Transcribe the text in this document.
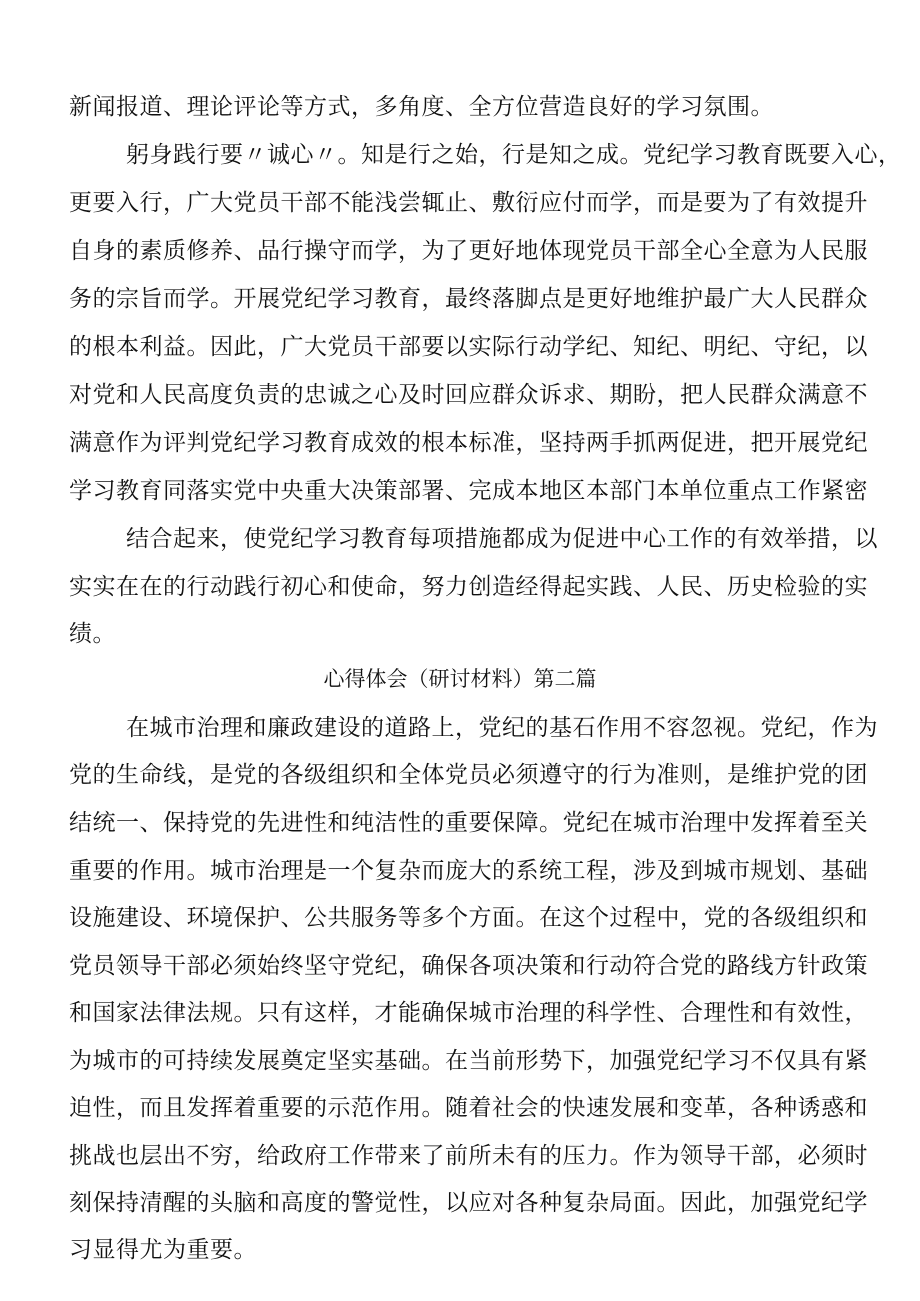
新闻报道、理论评论等方式，多角度、全方位营造良好的学习氛围。
躬身践行要〃诚心〃。知是行之始，行是知之成。党纪学习教育既要入心，
更要入行，广大党员干部不能浅尝辄止、敷衍应付而学，而是要为了有效提升
自身的素质修养、品行操守而学，为了更好地体现党员干部全心全意为人民服
务的宗旨而学。开展党纪学习教育，最终落脚点是更好地维护最广大人民群众
的根本利益。因此，广大党员干部要以实际行动学纪、知纪、明纪、守纪，以
对党和人民高度负责的忠诚之心及时回应群众诉求、期盼，把人民群众满意不
满意作为评判党纪学习教育成效的根本标准，坚持两手抓两促进，把开展党纪
学习教育同落实党中央重大决策部署、完成本地区本部门本单位重点工作紧密
结合起来，使党纪学习教育每项措施都成为促进中心工作的有效举措，以
实实在在的行动践行初心和使命，努力创造经得起实践、人民、历史检验的实
绩。
心得体会（研讨材料）第二篇
在城市治理和廉政建设的道路上，党纪的基石作用不容忽视。党纪，作为
党的生命线，是党的各级组织和全体党员必须遵守的行为准则，是维护党的团
结统一、保持党的先进性和纯洁性的重要保障。党纪在城市治理中发挥着至关
重要的作用。城市治理是一个复杂而庞大的系统工程，涉及到城市规划、基础
设施建设、环境保护、公共服务等多个方面。在这个过程中，党的各级组织和
党员领导干部必须始终坚守党纪，确保各项决策和行动符合党的路线方针政策
和国家法律法规。只有这样，才能确保城市治理的科学性、合理性和有效性，
为城市的可持续发展奠定坚实基础。在当前形势下，加强党纪学习不仅具有紧
迫性，而且发挥着重要的示范作用。随着社会的快速发展和变革，各种诱惑和
挑战也层出不穷，给政府工作带来了前所未有的压力。作为领导干部，必须时
刻保持清醒的头脑和高度的警觉性，以应对各种复杂局面。因此，加强党纪学
习显得尤为重要。
